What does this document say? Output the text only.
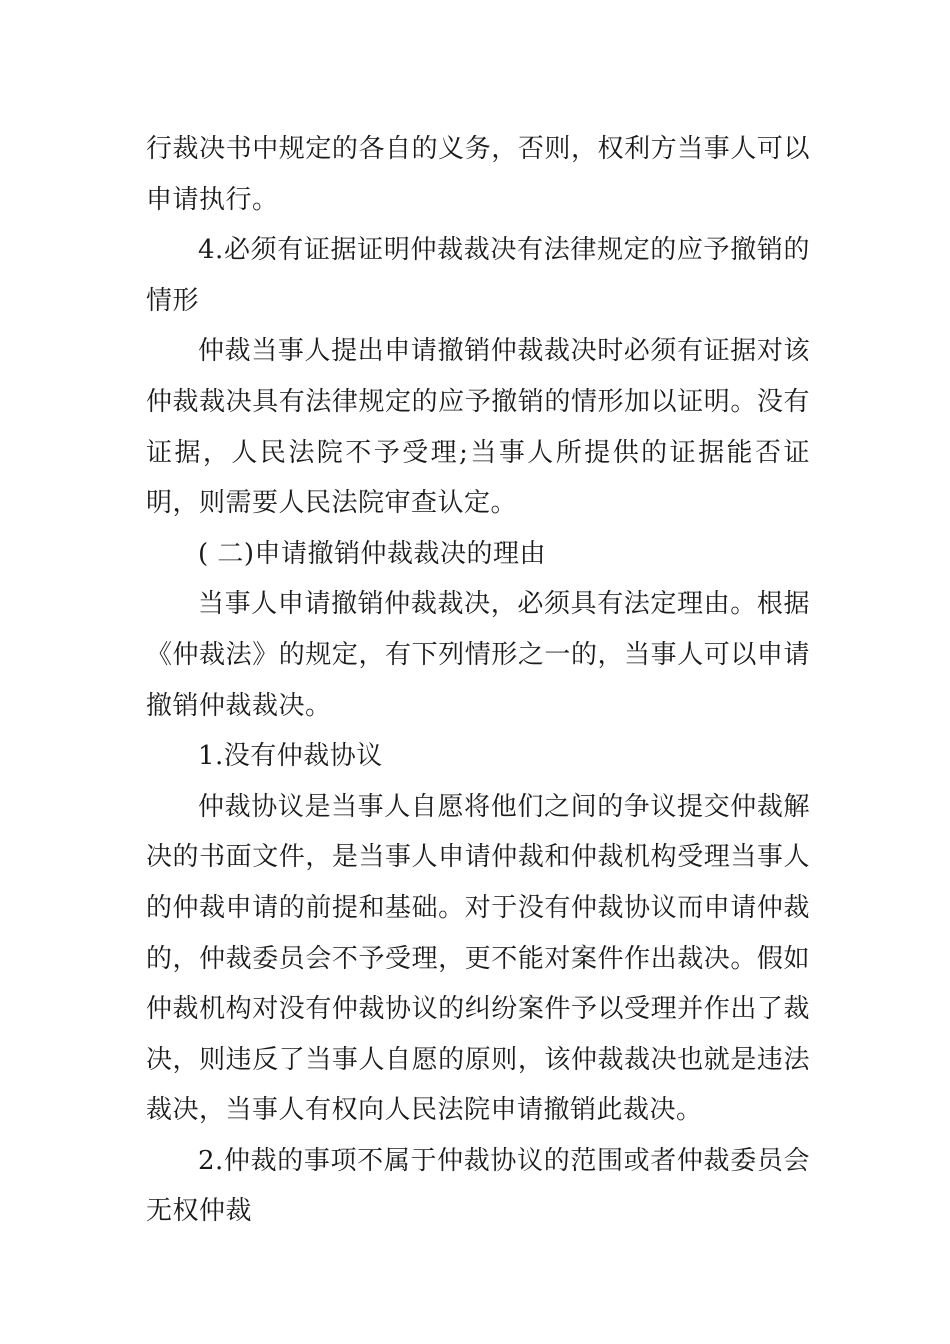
行裁决书中规定的各自的义务，否则，权利方当事人可以申请执行。

4.必须有证据证明仲裁裁决有法律规定的应予撤销的情形

仲裁当事人提出申请撤销仲裁裁决时必须有证据对该仲裁裁决具有法律规定的应予撤销的情形加以证明。没有证据，人民法院不予受理;当事人所提供的证据能否证明，则需要人民法院审查认定。

( 二)申请撤销仲裁裁决的理由

当事人申请撤销仲裁裁决，必须具有法定理由。根据《仲裁法》的规定，有下列情形之一的，当事人可以申请撤销仲裁裁决。

1.没有仲裁协议

仲裁协议是当事人自愿将他们之间的争议提交仲裁解决的书面文件，是当事人申请仲裁和仲裁机构受理当事人的仲裁申请的前提和基础。对于没有仲裁协议而申请仲裁的，仲裁委员会不予受理，更不能对案件作出裁决。假如仲裁机构对没有仲裁协议的纠纷案件予以受理并作出了裁决，则违反了当事人自愿的原则，该仲裁裁决也就是违法裁决，当事人有权向人民法院申请撤销此裁决。

2.仲裁的事项不属于仲裁协议的范围或者仲裁委员会无权仲裁
